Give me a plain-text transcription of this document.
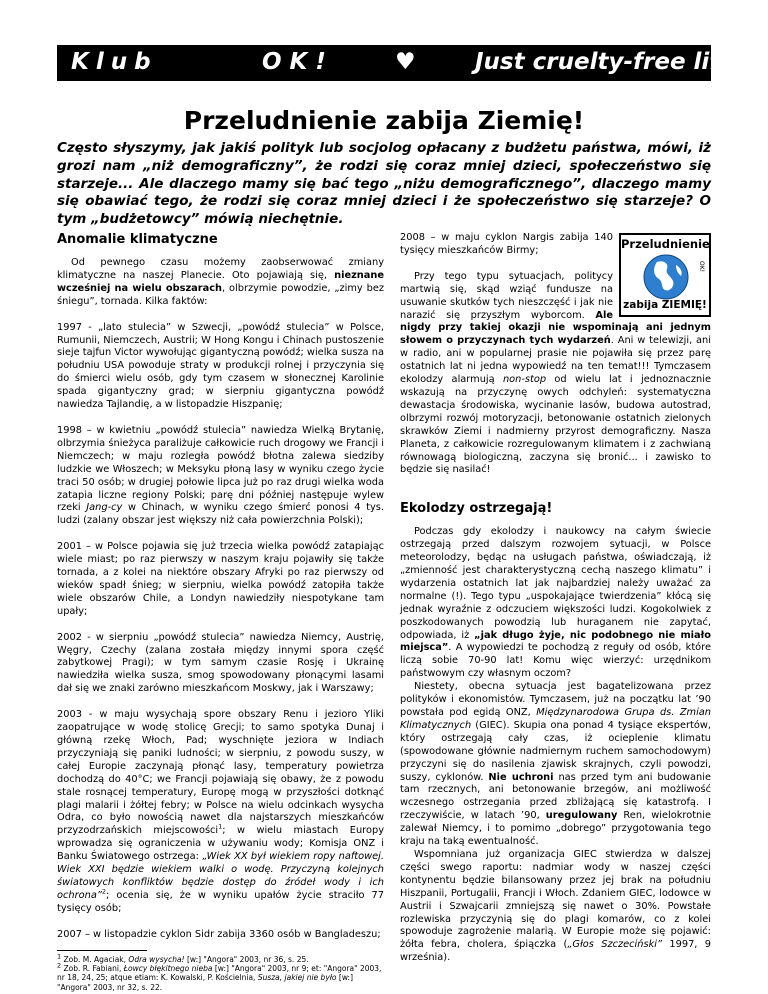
Klub	OK!	♥	Just cruelty-free life!
Przeludnienie zabija Ziemię!

Często słyszymy, jak jakiś polityk lub socjolog opłacany z budżetu państwa, mówi, iż grozi nam „niż demograficzny”, że rodzi się coraz mniej dzieci, społeczeństwo się starzeje... Ale dlaczego mamy się bać tego „niżu demograficznego”, dlaczego mamy się obawiać tego, że rodzi się coraz mniej dzieci i że społeczeństwo się starzeje? O tym „budżetowcy” mówią niechętnie.

Anomalie klimatyczne

Od pewnego czasu możemy zaobserwować zmiany klimatyczne na naszej Planecie. Oto pojawiają się, nieznane wcześniej na wielu obszarach, olbrzymie powodzie, „zimy bez śniegu”, tornada. Kilka faktów:

1997 - „lato stulecia” w Szwecji, „powódź stulecia” w Polsce, Rumunii, Niemczech, Austrii; W Hong Kongu i Chinach pustoszenie sieje tajfun Victor wywołując gigantyczną powódź; wielka susza na południu USA powoduje straty w produkcji rolnej i przyczynia się do śmierci wielu osób, gdy tym czasem w słonecznej Karolinie spada gigantyczny grad; w sierpniu gigantyczna powódź nawiedza Tajlandię, a w listopadzie Hiszpanię;

1998 – w kwietniu „powódź stulecia” nawiedza Wielką Brytanię, olbrzymia śnieżyca paraliżuje całkowicie ruch drogowy we Francji i Niemczech; w maju rozległa powódź błotna zalewa siedziby ludzkie we Włoszech; w Meksyku płoną lasy w wyniku czego życie traci 50 osób; w drugiej połowie lipca już po raz drugi wielka woda zatapia liczne regiony Polski; parę dni później następuje wylew rzeki Jang-cy w Chinach, w wyniku czego śmierć ponosi 4 tys. ludzi (zalany obszar jest większy niż cała powierzchnia Polski);

2001 – w Polsce pojawia się już trzecia wielka powódź zatapiając wiele miast; po raz pierwszy w naszym kraju pojawiły się także tornada, a z kolei na niektóre obszary Afryki po raz pierwszy od wieków spadł śnieg; w sierpniu, wielka powódź zatopiła także wiele obszarów Chile, a Londyn nawiedziły niespotykane tam upały;

2002 - w sierpniu „powódź stulecia” nawiedza Niemcy, Austrię, Węgry, Czechy (zalana została między innymi spora część zabytkowej Pragi); w tym samym czasie Rosję i Ukrainę nawiedziła wielka susza, smog spowodowany płonącymi lasami dał się we znaki zarówno mieszkańcom Moskwy, jak i Warszawy;

2003 - w maju wysychają spore obszary Renu i jezioro Yliki zaopatrujące w wodę stolicę Grecji; to samo spotyka Dunaj i główną rzekę Włoch, Pad; wyschnięte jeziora w Indiach przyczyniają się paniki ludności; w sierpniu, z powodu suszy, w całej Europie zaczynają płonąć lasy, temperatury powietrza dochodzą do 40°C; we Francji pojawiają się obawy, że z powodu stale rosnącej temperatury, Europę mogą w przyszłości dotknąć plagi malarii i żółtej febry; w Polsce na wielu odcinkach wysycha Odra, co było nowością nawet dla najstarszych mieszkańców przyzodrzańskich miejscowości$^1$; w wielu miastach Europy wprowadza się ograniczenia w używaniu wody; Komisja ONZ i Banku Światowego ostrzega: „Wiek XX był wiekiem ropy naftowej. Wiek XXI będzie wiekiem walki o wodę. Przyczyną kolejnych światowych konfliktów będzie dostęp do źródeł wody i ich ochrona”$^2$; ocenia się, że w wyniku upałów życie straciło 77 tysięcy osób;

2007 – w listopadzie cyklon Sidr zabija 3360 osób w Bangladeszu;

$^1$ Zob. M. Agaciak, Odra wysycha! [w:] "Angora" 2003, nr 36, s. 25.

$^2$ Zob. R. Fabiani, Łowcy błękitnego nieba [w:] "Angora" 2003, nr 9; et: "Angora" 2003, nr 18, 24, 25; atque etiam: K. Kowalski, P. Kościelnia, Susza, jakiej nie było [w:] "Angora" 2003, nr 32, s. 22.

Przeludnienie
OK!
zabija ZIEMIĘ!

2008 – w maju cyklon Nargis zabija 140 tysięcy mieszkańców Birmy;

Przy tego typu sytuacjach, politycy martwią się, skąd wziąć fundusze na usuwanie skutków tych nieszczęść i jak nie narazić się przyszłym wyborcom. Ale nigdy przy takiej okazji nie wspominają ani jednym słowem o przyczynach tych wydarzeń. Ani w telewizji, ani w radio, ani w popularnej prasie nie pojawiła się przez parę ostatnich lat ni jedna wypowiedź na ten temat!!! Tymczasem ekolodzy alarmują non-stop od wielu lat i jednoznacznie wskazują na przyczynę owych odchyleń: systematyczna dewastacja środowiska, wycinanie lasów, budowa autostrad, olbrzymi rozwój motoryzacji, betonowanie ostatnich zielonych skrawków Ziemi i nadmierny przyrost demograficzny. Nasza Planeta, z całkowicie rozregulowanym klimatem i z zachwianą równowagą biologiczną, zaczyna się bronić... i zawisko to będzie się nasilać!

Ekolodzy ostrzegają!

Podczas gdy ekolodzy i naukowcy na całym świecie ostrzegają przed dalszym rozwojem sytuacji, w Polsce meteorolodzy, będąc na usługach państwa, oświadczają, iż „zmienność jest charakterystyczną cechą naszego klimatu” i wydarzenia ostatnich lat jak najbardziej należy uważać za normalne (!). Tego typu „uspokajające twierdzenia” kłócą się jednak wyraźnie z odczuciem większości ludzi. Kogokolwiek z poszkodowanych powodzią lub huraganem nie zapytać, odpowiada, iż „jak długo żyje, nic podobnego nie miało miejsca”. A wypowiedzi te pochodzą z reguły od osób, które liczą sobie 70-90 lat! Komu więc wierzyć: urzędnikom państwowym czy własnym oczom?

Niestety, obecna sytuacja jest bagatelizowana przez polityków i ekonomistów. Tymczasem, już na początku lat ’90 powstała pod egidą ONZ, Międzynarodowa Grupa ds. Zmian Klimatycznych (GIEC). Skupia ona ponad 4 tysiące ekspertów, który ostrzegają cały czas, iż ocieplenie klimatu (spowodowane głównie nadmiernym ruchem samochodowym) przyczyni się do nasilenia zjawisk skrajnych, czyli powodzi, suszy, cyklonów. Nie uchroni nas przed tym ani budowanie tam rzecznych, ani betonowanie brzegów, ani możliwość wczesnego ostrzegania przed zbliżającą się katastrofą. I rzeczywiście, w latach ’90, uregulowany Ren, wielokrotnie zalewał Niemcy, i to pomimo „dobrego” przygotowania tego kraju na taką ewentualność.

Wspomniana już organizacja GIEC stwierdza w dalszej części swego raportu: nadmiar wody w naszej części kontynentu będzie bilansowany przez jej brak na południu Hiszpanii, Portugalii, Francji i Włoch. Zdaniem GIEC, lodowce w Austrii i Szwajcarii zmniejszą się nawet o 30%. Powstałe rozlewiska przyczynią się do plagi komarów, co z kolei spowoduje zagrożenie malarią. W Europie może się pojawić: żółta febra, cholera, śpiączka („Głos Szczeciński” 1997, 9 września).
